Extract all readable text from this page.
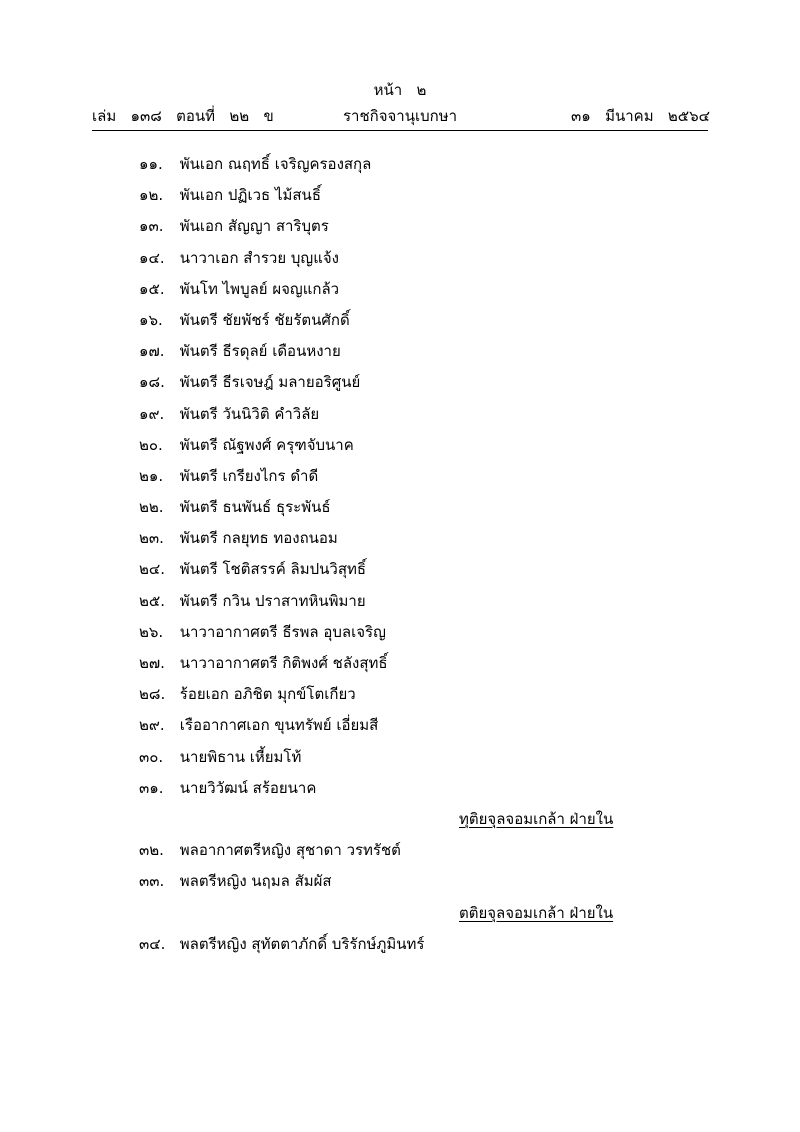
หน้า   ๒
เล่ม   ๑๓๘   ตอนที่   ๒๒   ข	ราชกิจจานุเบกษา	๓๑   มีนาคม   ๒๕๖๔
๑๑. พันเอก ณฤทธิ์ เจริญครองสกุล
๑๒. พันเอก ปฏิเวธ ไม้สนธิ์
๑๓. พันเอก สัญญา สาริบุตร
๑๔. นาวาเอก สำรวย บุญแจ้ง
๑๕. พันโท ไพบูลย์ ผจญแกล้ว
๑๖. พันตรี ชัยพัชร์ ชัยรัตนศักดิ์
๑๗. พันตรี ธีรดุลย์ เดือนหงาย
๑๘. พันตรี ธีรเจษฎ์ มลายอริศูนย์
๑๙. พันตรี วันนิวิติ คำวิลัย
๒๐. พันตรี ณัฐพงศ์ ครุฑจับนาค
๒๑. พันตรี เกรียงไกร ดำดี
๒๒. พันตรี ธนพันธ์ ธุระพันธ์
๒๓. พันตรี กลยุทธ ทองถนอม
๒๔. พันตรี โชติสรรค์ ลิมปนวิสุทธิ์
๒๕. พันตรี กวิน ปราสาทหินพิมาย
๒๖. นาวาอากาศตรี ธีรพล อุบลเจริญ
๒๗. นาวาอากาศตรี กิติพงศ์ ชลังสุทธิ์
๒๘. ร้อยเอก อภิชิต มุกข์โตเกียว
๒๙. เรืออากาศเอก ขุนทรัพย์ เอี่ยมสี
๓๐. นายพิธาน เหี้ยมโท้
๓๑. นายวิวัฒน์ สร้อยนาค
ทุติยจุลจอมเกล้า ฝ่ายใน
๓๒. พลอากาศตรีหญิง สุชาดา วรทรัชต์
๓๓. พลตรีหญิง นฤมล สัมผัส
ตติยจุลจอมเกล้า ฝ่ายใน
๓๔. พลตรีหญิง สุทัตตาภักดิ์ บริรักษ์ภูมินทร์
